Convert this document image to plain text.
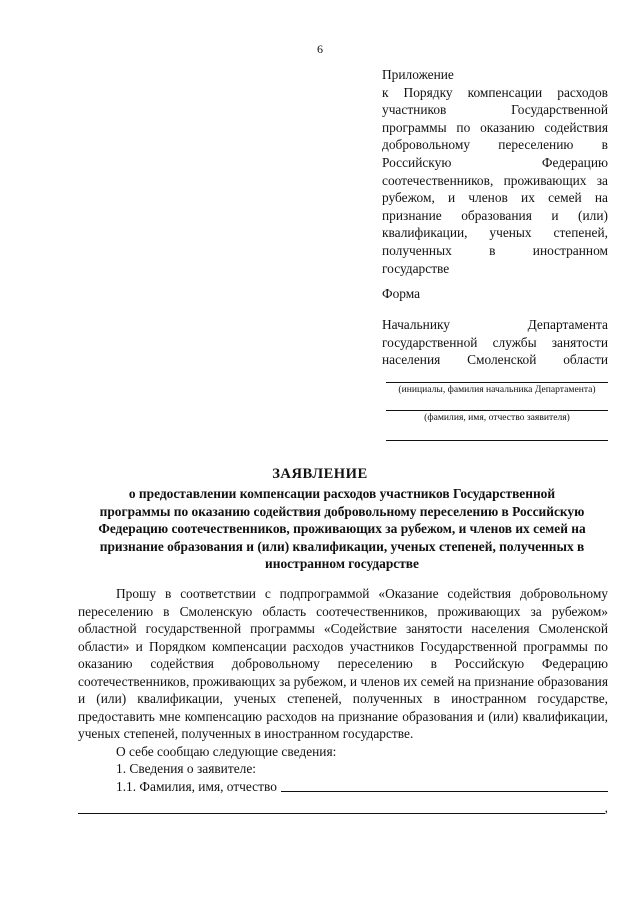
6
Приложение
к Порядку компенсации расходов участников Государственной программы по оказанию содействия добровольному переселению в Российскую Федерацию соотечественников, проживающих за рубежом, и членов их семей на признание образования и (или) квалификации, ученых степеней, полученных в иностранном государстве
Форма
Начальнику Департамента государственной службы занятости населения Смоленской области
(инициалы, фамилия начальника Департамента)
(фамилия, имя, отчество заявителя)
ЗАЯВЛЕНИЕ
о предоставлении компенсации расходов участников Государственной программы по оказанию содействия добровольному переселению в Российскую Федерацию соотечественников, проживающих за рубежом, и членов их семей на признание образования и (или) квалификации, ученых степеней, полученных в иностранном государстве

Прошу в соответствии с подпрограммой «Оказание содействия добровольному переселению в Смоленскую область соотечественников, проживающих за рубежом» областной государственной программы «Содействие занятости населения Смоленской области» и Порядком компенсации расходов участников Государственной программы по оказанию содействия добровольному переселению в Российскую Федерацию соотечественников, проживающих за рубежом, и членов их семей на признание образования и (или) квалификации, ученых степеней, полученных в иностранном государстве, предоставить мне компенсацию расходов на признание образования и (или) квалификации, ученых степеней, полученных в иностранном государстве.

О себе сообщаю следующие сведения:

1. Сведения о заявителе:

1.1. Фамилия, имя, отчество
,
